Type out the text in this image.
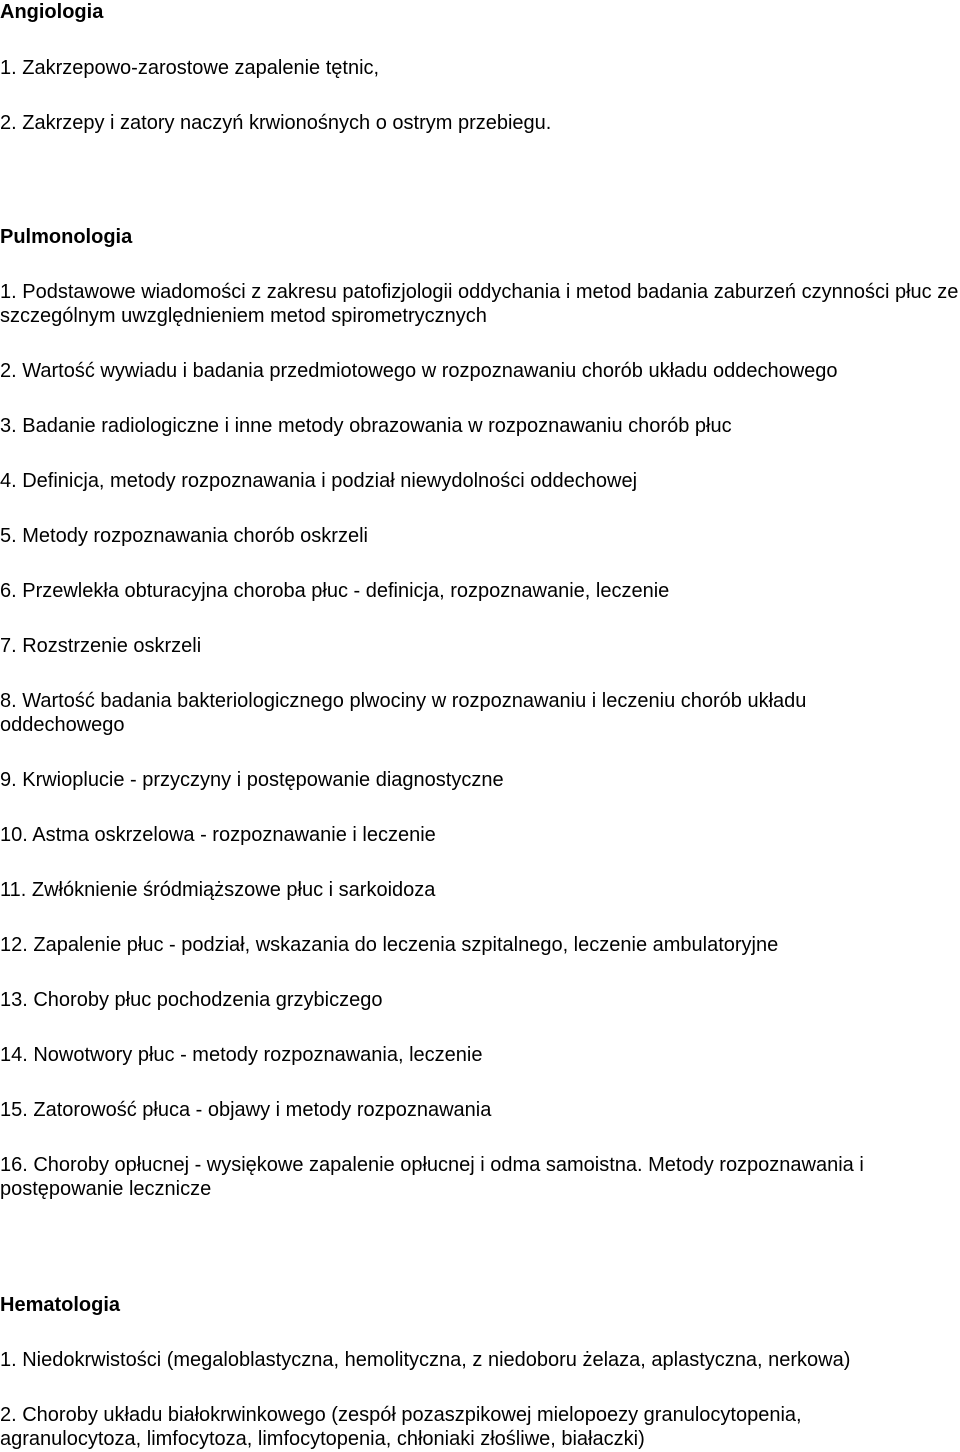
Angiologia
1. Zakrzepowo-zarostowe zapalenie tętnic,
2. Zakrzepy i zatory naczyń krwionośnych o ostrym przebiegu.
Pulmonologia
1. Podstawowe wiadomości z zakresu patofizjologii oddychania i metod badania zaburzeń czynności płuc ze szczególnym uwzględnieniem metod spirometrycznych
2. Wartość wywiadu i badania przedmiotowego w rozpoznawaniu chorób układu oddechowego
3. Badanie radiologiczne i inne metody obrazowania w rozpoznawaniu chorób płuc
4. Definicja, metody rozpoznawania i podział niewydolności oddechowej
5. Metody rozpoznawania chorób oskrzeli
6. Przewlekła obturacyjna choroba płuc - definicja, rozpoznawanie, leczenie
7. Rozstrzenie oskrzeli
8. Wartość badania bakteriologicznego plwociny w rozpoznawaniu i leczeniu chorób układu oddechowego
9. Krwioplucie - przyczyny i postępowanie diagnostyczne
10. Astma oskrzelowa - rozpoznawanie i leczenie
11. Zwłóknienie śródmiąższowe płuc i sarkoidoza
12. Zapalenie płuc - podział, wskazania do leczenia szpitalnego, leczenie ambulatoryjne
13. Choroby płuc pochodzenia grzybiczego
14. Nowotwory płuc - metody rozpoznawania, leczenie
15. Zatorowość płuca - objawy i metody rozpoznawania
16. Choroby opłucnej - wysiękowe zapalenie opłucnej i odma samoistna. Metody rozpoznawania i postępowanie lecznicze
Hematologia
1. Niedokrwistości (megaloblastyczna, hemolityczna, z niedoboru żelaza, aplastyczna, nerkowa)
2. Choroby układu białokrwinkowego (zespół pozaszpikowej mielopoezy granulocytopenia, agranulocytoza, limfocytoza, limfocytopenia, chłoniaki złośliwe, białaczki)
